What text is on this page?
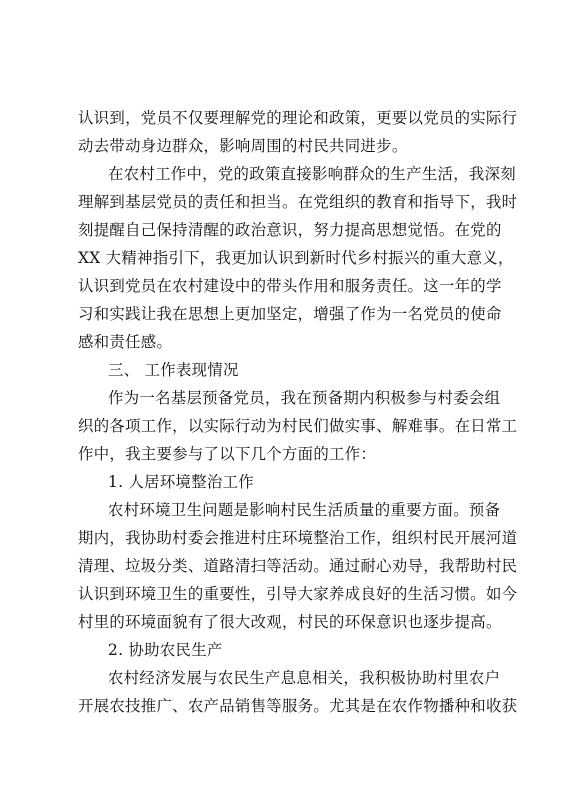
认识到，党员不仅要理解党的理论和政策，更要以党员的实际行
动去带动身边群众，影响周围的村民共同进步。
在农村工作中，党的政策直接影响群众的生产生活，我深刻
理解到基层党员的责任和担当。在党组织的教育和指导下，我时
刻提醒自己保持清醒的政治意识，努力提高思想觉悟。在党的
XX 大精神指引下，我更加认识到新时代乡村振兴的重大意义，
认识到党员在农村建设中的带头作用和服务责任。这一年的学
习和实践让我在思想上更加坚定，增强了作为一名党员的使命
感和责任感。
三、 工作表现情况
作为一名基层预备党员，我在预备期内积极参与村委会组
织的各项工作，以实际行动为村民们做实事、解难事。在日常工
作中，我主要参与了以下几个方面的工作：
1. 人居环境整治工作
农村环境卫生问题是影响村民生活质量的重要方面。预备
期内，我协助村委会推进村庄环境整治工作，组织村民开展河道
清理、垃圾分类、道路清扫等活动。通过耐心劝导，我帮助村民
认识到环境卫生的重要性，引导大家养成良好的生活习惯。如今
村里的环境面貌有了很大改观，村民的环保意识也逐步提高。
2. 协助农民生产
农村经济发展与农民生产息息相关，我积极协助村里农户
开展农技推广、农产品销售等服务。尤其是在农作物播种和收获
